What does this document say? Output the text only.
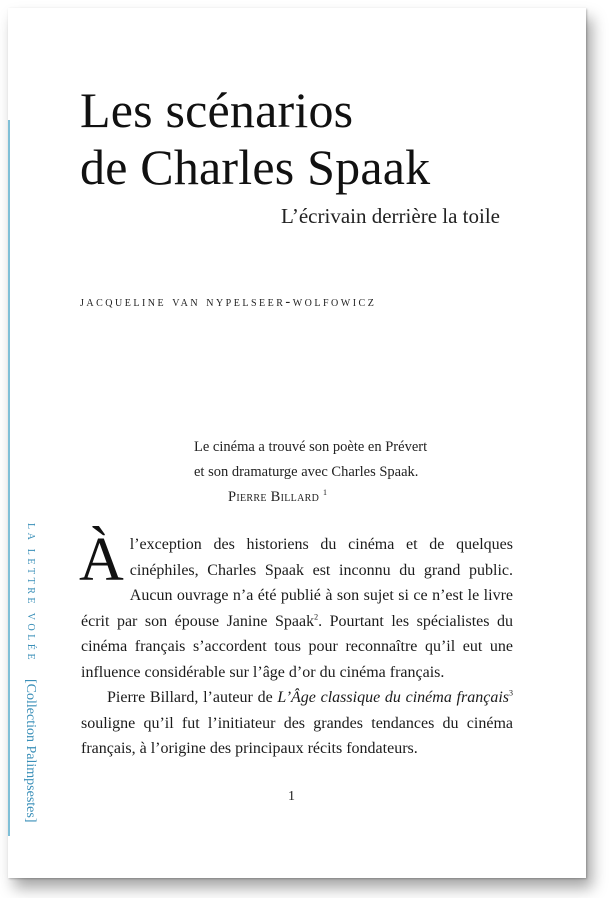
Les scénarios
de Charles Spaak
L’écrivain derrière la toile
jacqueline van nypelseer-wolfowicz
Le cinéma a trouvé son poète en Prévert
et son dramaturge avec Charles Spaak.
Pierre Billard $^1$
LA LETTRE VOLÉE [Collection Palimpsestes]

À l’exception des historiens du cinéma et de quelques cinéphiles, Charles Spaak est inconnu du grand public. Aucun ouvrage n’a été publié à son sujet si ce n’est le livre écrit par son épouse Janine Spaak$^2$. Pourtant les spécialistes du cinéma français s’accordent tous pour reconnaître qu’il eut une influence considérable sur l’âge d’or du cinéma français.

Pierre Billard, l’auteur de L’Âge classique du cinéma français$^3$ souligne qu’il fut l’initiateur des grandes tendances du cinéma français, à l’origine des principaux récits fondateurs.

1
